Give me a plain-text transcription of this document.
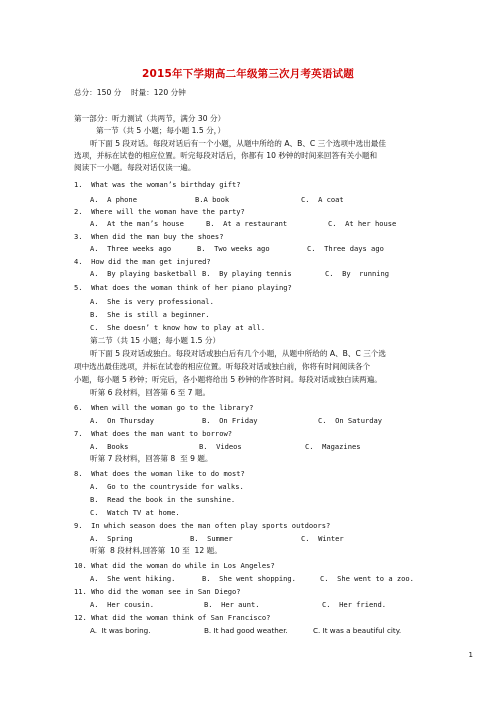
2015年下学期高二年级第三次月考英语试题
总分：150 分    时量：120 分钟
第一部分：听力测试（共两节，满分 30 分）
第一节（共 5 小题；每小题 1.5 分，）
听下面 5 段对话。每段对话后有一个小题，从题中所给的 A、B、C 三个选项中选出最佳
选项，并标在试卷的相应位置。听完每段对话后，你都有 10 秒钟的时间来回答有关小题和
阅读下一小题。每段对话仅读一遍。
1.  What was the woman’s birthday gift?
A.  A phone	B.A book	C.  A coat
2.  Where will the woman have the party?
A.  At the man’s house	B.  At a restaurant	C.  At her house
3.  When did the man buy the shoes?
A.  Three weeks ago	B.  Two weeks ago	C.  Three days ago
4.  How did the man get injured?
A.  By playing basketball B.  By playing tennis	C.  By  running
5.  What does the woman think of her piano playing?
A.  She is very professional.
B.  She is still a beginner.
C.  She doesn’ t know how to play at all.
第二节（共 15 小题；每小题 1.5 分）
听下面 5 段对话或独白。每段对话或独白后有几个小题，从题中所给的 A、B、C 三个选
项中选出最佳选项，并标在试卷的相应位置。听每段对话或独白前，你将有时间阅读各个
小题，每小题 5 秒钟；听完后，各小题将给出 5 秒钟的作答时间。每段对话或独白读两遍。
听第 6 段材料，回答第 6 至 7 题。
6.  When will the woman go to the library?
A.  On Thursday	B.  On Friday	C.  On Saturday
7.  What does the man want to borrow?
A.  Books	B.  Videos	C.  Magazines
听第 7 段材料，回答第 8  至 9 题。
8.  What does the woman like to do most?
A.  Go to the countryside for walks.
B.  Read the book in the sunshine.
C.  Watch TV at home.
9.  In which season does the man often play sports outdoors?
A.  Spring	B.  Summer	C.  Winter
听第  8 段材料,回答第  10 至  12 题。
10. What did the woman do while in Los Angeles?
A.  She went hiking.	B.  She went shopping.	C.  She went to a zoo.
11. Who did the woman see in San Diego?
A.  Her cousin.	B.  Her aunt.	C.  Her friend.
12. What did the woman think of San Francisco?
A.  It was boring.	B. It had good weather.	C. It was a beautiful city.
1
